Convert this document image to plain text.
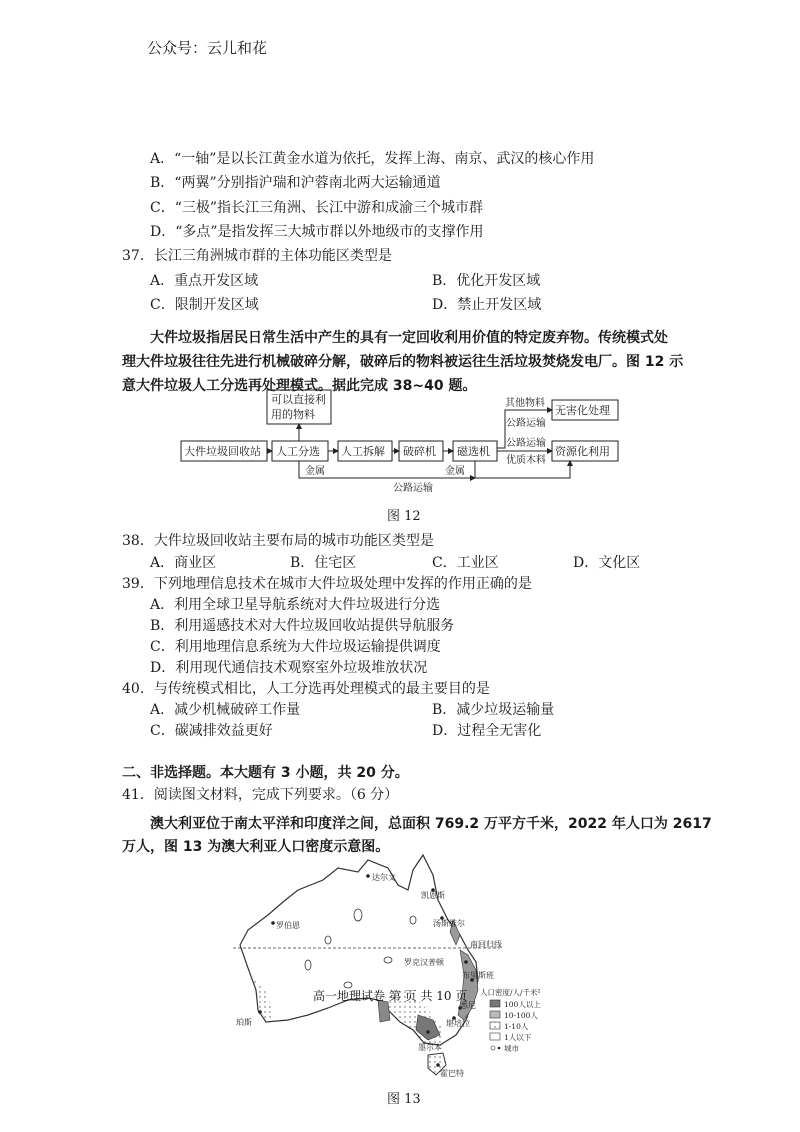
公众号：云儿和花
A．“一轴”是以长江黄金水道为依托，发挥上海、南京、武汉的核心作用
B．“两翼”分别指沪瑞和沪蓉南北两大运输通道
C．“三极”指长江三角洲、长江中游和成渝三个城市群
D．“多点”是指发挥三大城市群以外地级市的支撑作用
37．长江三角洲城市群的主体功能区类型是
A．重点开发区域	B．优化开发区域
C．限制开发区域	D．禁止开发区域
大件垃圾指居民日常生活中产生的具有一定回收利用价值的特定废弃物。传统模式处
理大件垃圾往往先进行机械破碎分解，破碎后的物料被运往生活垃圾焚烧发电厂。图 12 示
意大件垃圾人工分选再处理模式。据此完成 38~40 题。
可以直接利
用的物料
大件垃圾回收站 人工分选 人工拆解 破碎机 磁选机
无害化处理
资源化利用
其他物料
公路运输
公路运输
优质木料
金属	金属
公路运输
图 12
38．大件垃圾回收站主要布局的城市功能区类型是
A．商业区	B．住宅区	C．工业区	D．文化区
39．下列地理信息技术在城市大件垃圾处理中发挥的作用正确的是
A．利用全球卫星导航系统对大件垃圾进行分选
B．利用遥感技术对大件垃圾回收站提供导航服务
C．利用地理信息系统为大件垃圾运输提供调度
D．利用现代通信技术观察室外垃圾堆放状况
40．与传统模式相比，人工分选再处理模式的最主要目的是
A．减少机械破碎工作量	B．减少垃圾运输量
C．碳减排效益更好	D．过程全无害化
二、非选择题。本大题有 3 小题，共 20 分。
41．阅读图文材料，完成下列要求。（6 分）
澳大利亚位于南太平洋和印度洋之间，总面积 769.2 万平方千米，2022 年人口为 2617
万人，图 13 为澳大利亚人口密度示意图。
达尔文
凯恩斯
汤斯维尔
罗伯恩
南回归线
罗克汉普顿
布里斯班
珀斯
悉尼
堪培拉
墨尔本
霍巴特
高一地理试卷 第 页 共 10 页 人口密度/人/千米²
100人以上
10-100人
1-10人
1人以下
城市
图 13
